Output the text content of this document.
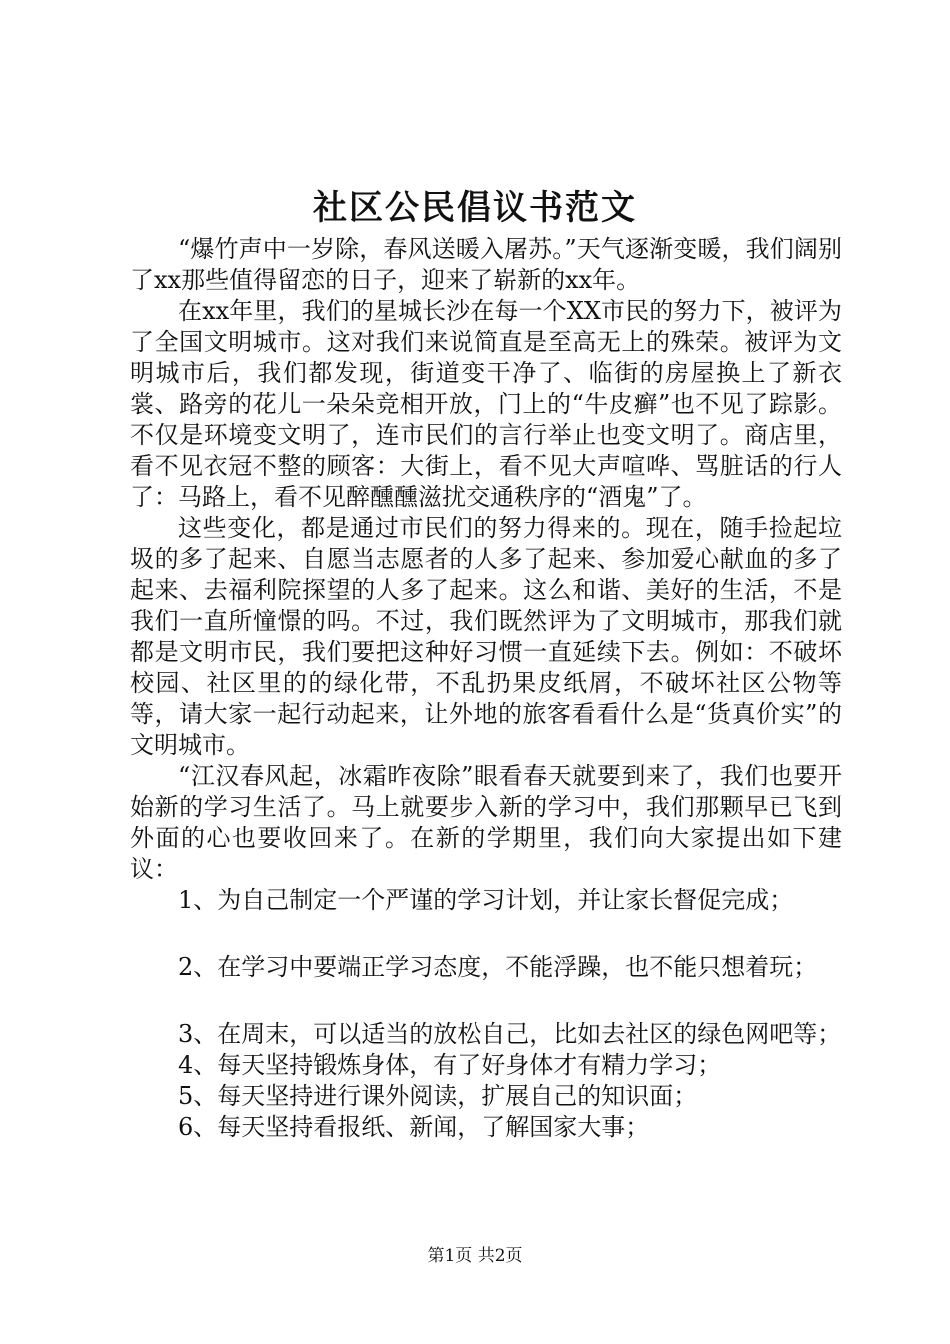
社区公民倡议书范文

“爆竹声中一岁除，春风送暖入屠苏。”天气逐渐变暖，我们阔别了xx那些值得留恋的日子，迎来了崭新的xx年。

在xx年里，我们的星城长沙在每一个XX市民的努力下，被评为了全国文明城市。这对我们来说简直是至高无上的殊荣。被评为文明城市后，我们都发现，街道变干净了、临街的房屋换上了新衣裳、路旁的花儿一朵朵竞相开放，门上的“牛皮癣”也不见了踪影。不仅是环境变文明了，连市民们的言行举止也变文明了。商店里，看不见衣冠不整的顾客：大街上，看不见大声喧哗、骂脏话的行人了：马路上，看不见醉醺醺滋扰交通秩序的“酒鬼”了。

这些变化，都是通过市民们的努力得来的。现在，随手捡起垃圾的多了起来、自愿当志愿者的人多了起来、参加爱心献血的多了起来、去福利院探望的人多了起来。这么和谐、美好的生活，不是我们一直所憧憬的吗。不过，我们既然评为了文明城市，那我们就都是文明市民，我们要把这种好习惯一直延续下去。例如：不破坏校园、社区里的的绿化带，不乱扔果皮纸屑，不破坏社区公物等等，请大家一起行动起来，让外地的旅客看看什么是“货真价实”的文明城市。

“江汉春风起，冰霜昨夜除”眼看春天就要到来了，我们也要开始新的学习生活了。马上就要步入新的学习中，我们那颗早已飞到外面的心也要收回来了。在新的学期里，我们向大家提出如下建议：

1、为自己制定一个严谨的学习计划，并让家长督促完成；

2、在学习中要端正学习态度，不能浮躁，也不能只想着玩；

3、在周末，可以适当的放松自己，比如去社区的绿色网吧等；

4、每天坚持锻炼身体，有了好身体才有精力学习；

5、每天坚持进行课外阅读，扩展自己的知识面；

6、每天坚持看报纸、新闻，了解国家大事；

第1页 共2页
